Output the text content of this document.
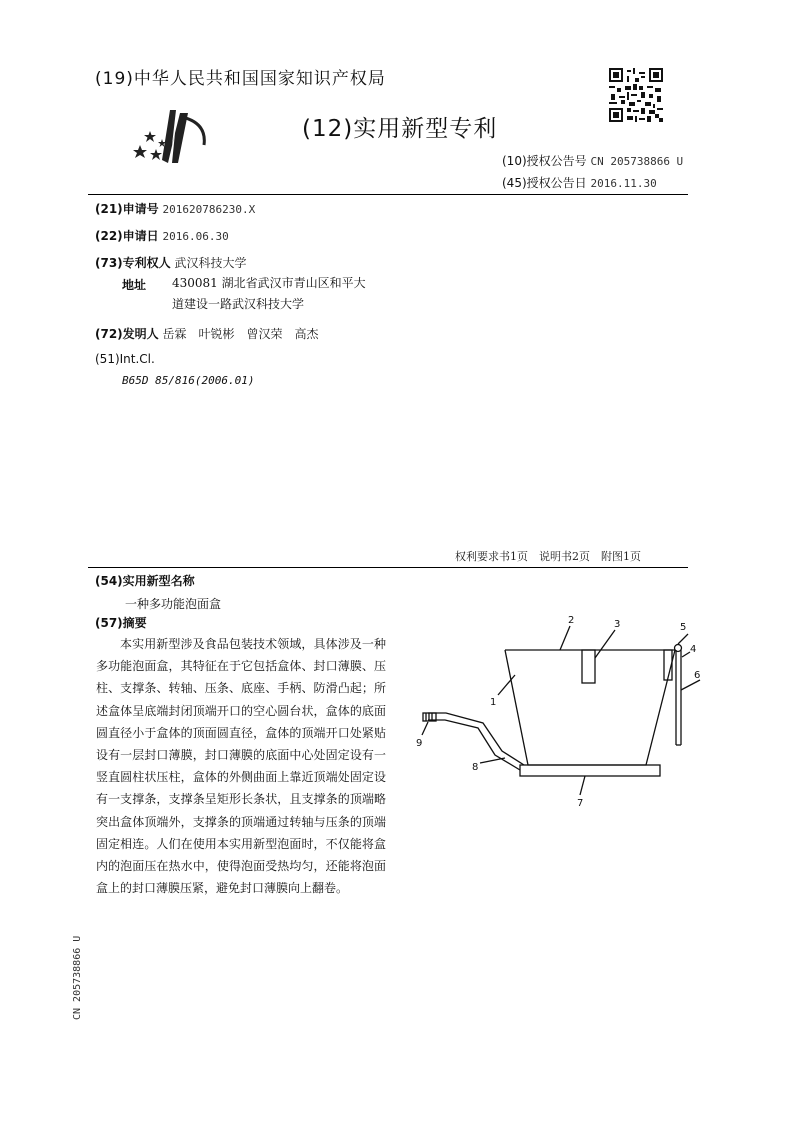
(19)中华人民共和国国家知识产权局
(12)实用新型专利
(10)授权公告号 CN 205738866 U
(45)授权公告日 2016.11.30
(21)申请号 201620786230.X
(22)申请日 2016.06.30
(73)专利权人 武汉科技大学
地址 430081 湖北省武汉市青山区和平大
道建设一路武汉科技大学
(72)发明人 岳霖　叶锐彬　曾汉荣　高杰
(51)Int.Cl.
B65D 85/816(2006.01)
权利要求书1页　说明书2页　附图1页
(54)实用新型名称
一种多功能泡面盒
(57)摘要
本实用新型涉及食品包装技术领域，具体涉及一种多功能泡面盒，其特征在于它包括盒体、封口薄膜、压柱、支撑条、转轴、压条、底座、手柄、防滑凸起；所述盒体呈底端封闭顶端开口的空心圆台状，盒体的底面圆直径小于盒体的顶面圆直径，盒体的顶端开口处紧贴设有一层封口薄膜，封口薄膜的底面中心处固定设有一竖直圆柱状压柱，盒体的外侧曲面上靠近顶端处固定设有一支撑条，支撑条呈矩形长条状，且支撑条的顶端略突出盒体顶端外，支撑条的顶端通过转轴与压条的顶端固定相连。人们在使用本实用新型泡面时，不仅能将盒内的泡面压在热水中，使得泡面受热均匀，还能将泡面盒上的封口薄膜压紧，避免封口薄膜向上翻卷。
CN 205738866 U
2	3	5
4
6
1
9
8
7
